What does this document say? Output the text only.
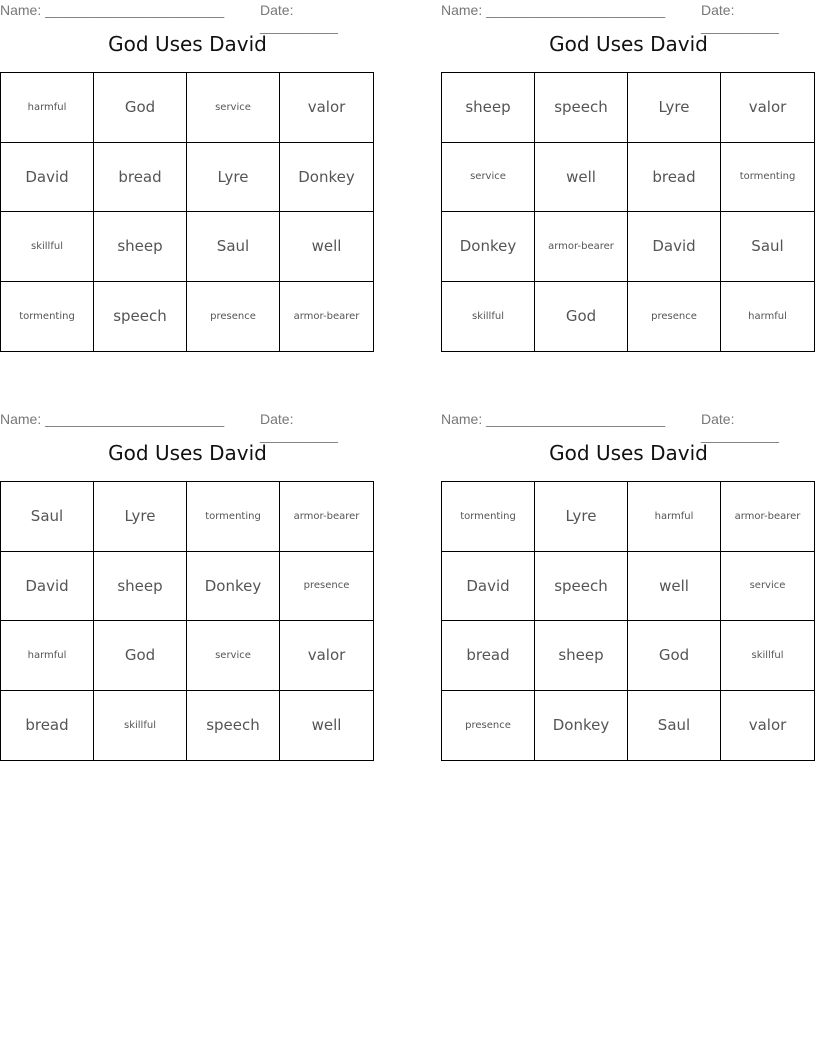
Name: _______________________	Date: __________
God Uses David
harmful	God	service	valor
David	bread	Lyre	Donkey
skillful	sheep	Saul	well
tormenting	speech	presence	armor-bearer
Name: _______________________	Date: __________
God Uses David
sheep	speech	Lyre	valor
service	well	bread	tormenting
Donkey	armor-bearer	David	Saul
skillful	God	presence	harmful
Name: _______________________	Date: __________
God Uses David
Saul	Lyre	tormenting	armor-bearer
David	sheep	Donkey	presence
harmful	God	service	valor
bread	skillful	speech	well
Name: _______________________	Date: __________
God Uses David
tormenting	Lyre	harmful	armor-bearer
David	speech	well	service
bread	sheep	God	skillful
presence	Donkey	Saul	valor
